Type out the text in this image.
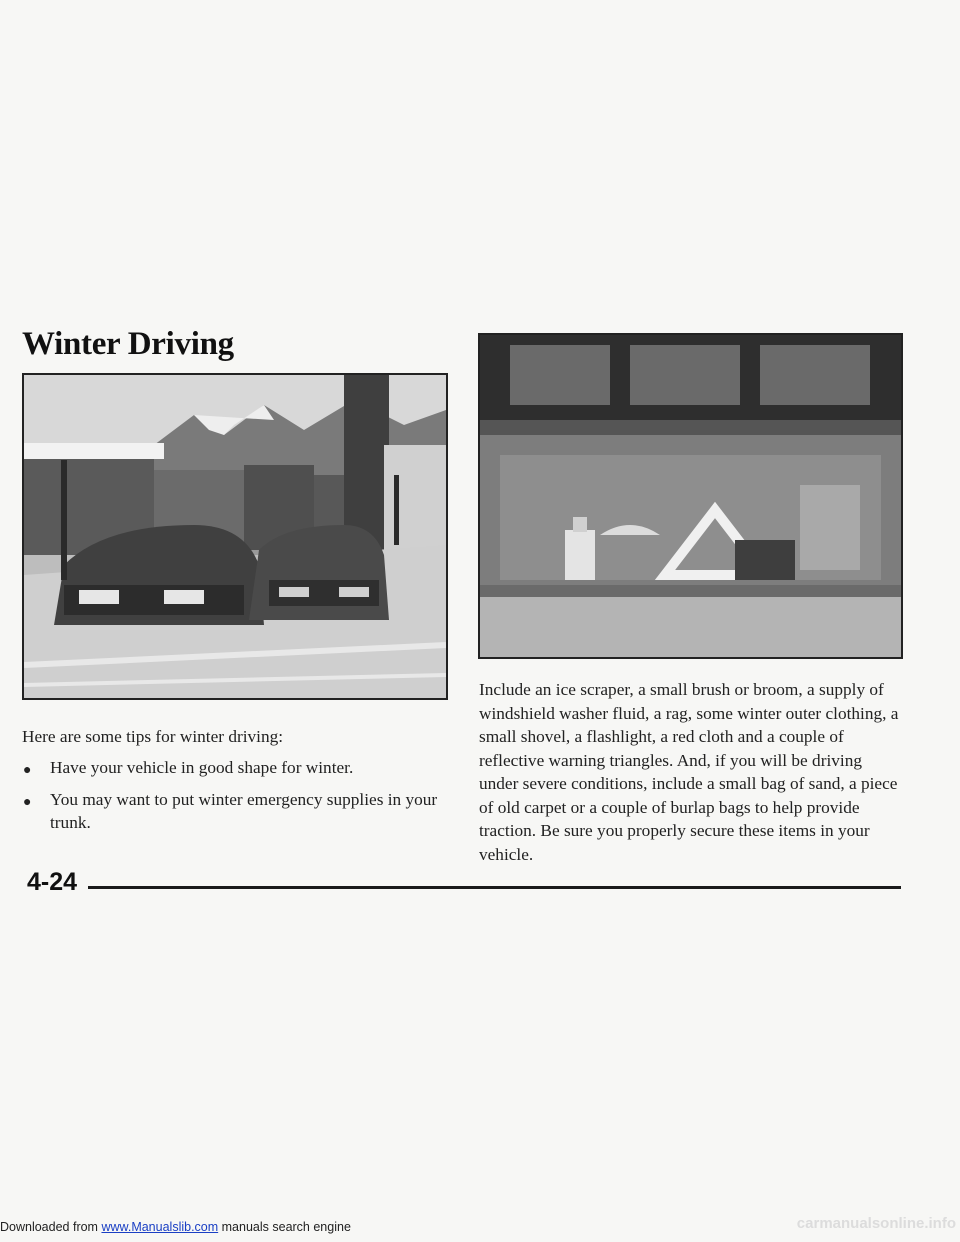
Winter Driving

Here are some tips for winter driving:

● Have your vehicle in good shape for winter.
● You may want to put winter emergency supplies in your trunk.

Include an ice scraper, a small brush or broom, a supply of windshield washer fluid, a rag, some winter outer clothing, a small shovel, a flashlight, a red cloth and a couple of reflective warning triangles. And, if you will be driving under severe conditions, include a small bag of sand, a piece of old carpet or a couple of burlap bags to help provide traction. Be sure you properly secure these items in your vehicle.

4-24

Downloaded from www.Manualslib.com manuals search engine	carmanualsonline.info
